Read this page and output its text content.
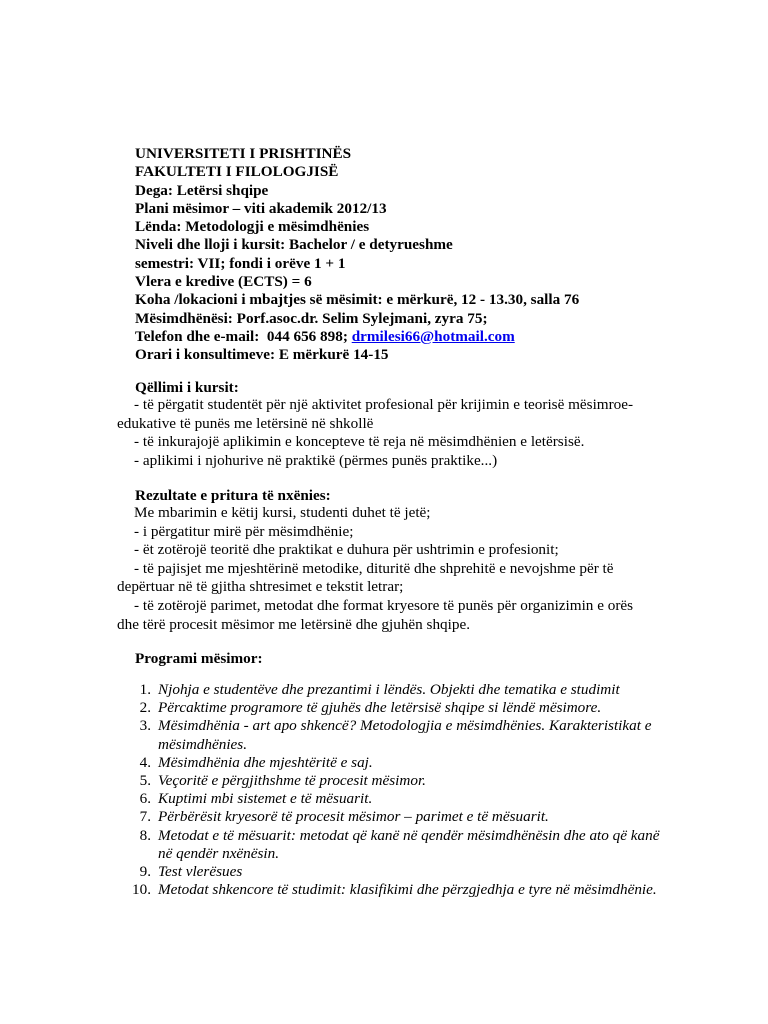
UNIVERSITETI I PRISHTINËS
FAKULTETI I FILOLOGJISË
Dega: Letërsi shqipe
Plani mësimor – viti akademik 2012/13
Lënda: Metodologji e mësimdhënies
Niveli dhe lloji i kursit: Bachelor / e detyrueshme
semestri: VII; fondi i orëve 1 + 1
Vlera e kredive (ECTS) = 6
Koha /lokacioni i mbajtjes së mësimit: e mërkurë, 12 - 13.30, salla 76
Mësimdhënësi: Porf.asoc.dr. Selim Sylejmani, zyra 75;
Telefon dhe e-mail:  044 656 898; drmilesi66@hotmail.com
Orari i konsultimeve: E mërkurë 14-15
Qëllimi i kursit:
- të përgatit studentët për një aktivitet profesional për krijimin e teorisë mësimroe-edukative të punës me letërsinë në shkollë
- të inkurajojë aplikimin e koncepteve të reja në mësimdhënien e letërsisë.
- aplikimi i njohurive në praktikë (përmes punës praktike...)
Rezultate e pritura të nxënies:
Me mbarimin e këtij kursi, studenti duhet të jetë;
- i përgatitur mirë për mësimdhënie;
- ët zotërojë teoritë dhe praktikat e duhura për ushtrimin e profesionit;
- të pajisjet me mjeshtërinë metodike, dituritë dhe shprehitë e nevojshme për të depërtuar në të gjitha shtresimet e tekstit letrar;
- të zotërojë parimet, metodat dhe format kryesore të punës për organizimin e orës dhe tërë procesit mësimor me letërsinë dhe gjuhën shqipe.
Programi mësimor:
1. Njohja e studentëve dhe prezantimi i lëndës. Objekti dhe tematika e studimit
2. Përcaktime programore të gjuhës dhe letërsisë shqipe si lëndë mësimore.
3. Mësimdhënia - art apo shkencë? Metodologjia e mësimdhënies. Karakteristikat e mësimdhënies.
4. Mësimdhënia dhe mjeshtëritë e saj.
5. Veçoritë e përgjithshme të procesit mësimor.
6. Kuptimi mbi sistemet e të mësuarit.
7. Përbërësit kryesorë të procesit mësimor – parimet e të mësuarit.
8. Metodat e të mësuarit: metodat që kanë në qendër mësimdhënësin dhe ato që kanë në qendër nxënësin.
9. Test vlerësues
10. Metodat shkencore të studimit: klasifikimi dhe përzgjedhja e tyre në mësimdhënie.
